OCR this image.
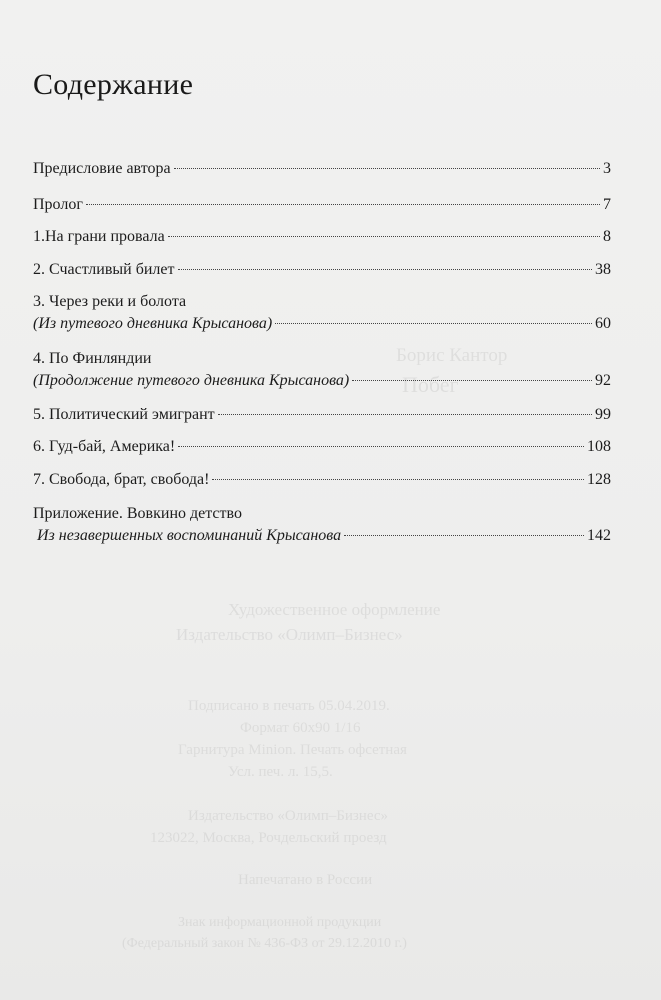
Борис Кантор
Побег
Художественное оформление
Издательство «Олимп–Бизнес»
Подписано в печать 05.04.2019.
Формат 60х90 1/16
Гарнитура Minion. Печать офсетная
Усл. печ. л. 15,5.
Издательство «Олимп–Бизнес»
123022, Москва, Рочдельский проезд
Напечатано в России
Знак информационной продукции
(Федеральный закон № 436-ФЗ от 29.12.2010 г.)
Содержание
Предисловие автора	3
Пролог	7
1.На грани провала	8
2. Счастливый билет	38
3. Через реки и болота
(Из путевого дневника Крысанова)	60
4. По Финляндии
(Продолжение путевого дневника Крысанова)	92
5. Политический эмигрант	99
6. Гуд-бай, Америка!	108
7. Свобода, брат, свобода!	128
Приложение. Вовкино детство
Из незавершенных воспоминаний Крысанова	142
